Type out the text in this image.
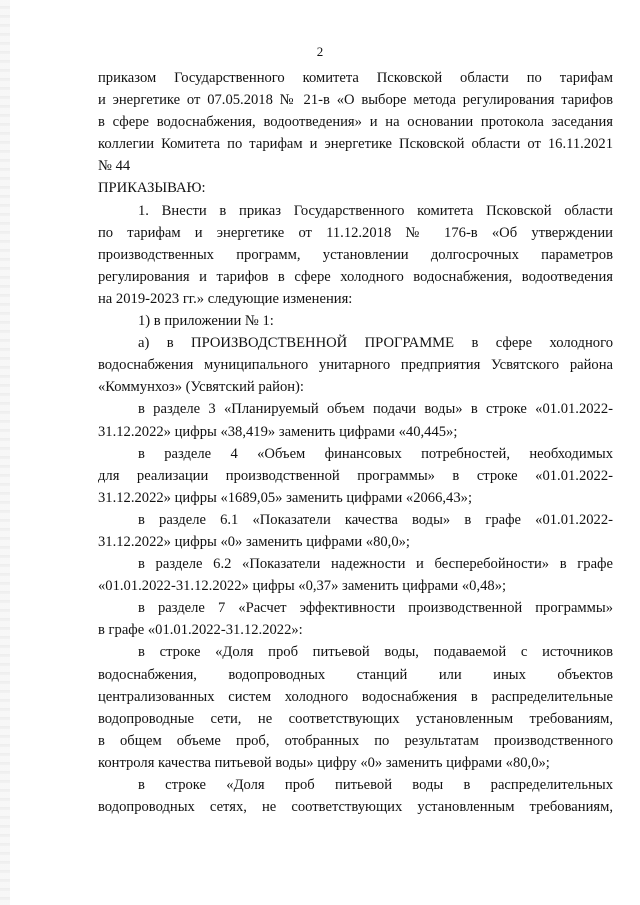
2
приказом Государственного комитета Псковской области по тарифам
и энергетике от 07.05.2018 № 21-в «О выборе метода регулирования тарифов
в сфере водоснабжения, водоотведения» и на основании протокола заседания
коллегии Комитета по тарифам и энергетике Псковской области от 16.11.2021
№ 44
ПРИКАЗЫВАЮ:
1. Внести в приказ Государственного комитета Псковской области
по тарифам и энергетике от 11.12.2018 № 176-в «Об утверждении
производственных программ, установлении долгосрочных параметров
регулирования и тарифов в сфере холодного водоснабжения, водоотведения
на 2019-2023 гг.» следующие изменения:
1) в приложении № 1:
а) в ПРОИЗВОДСТВЕННОЙ ПРОГРАММЕ в сфере холодного
водоснабжения муниципального унитарного предприятия Усвятского района
«Коммунхоз» (Усвятский район):
в разделе 3 «Планируемый объем подачи воды» в строке «01.01.2022-
31.12.2022» цифры «38,419» заменить цифрами «40,445»;
в разделе 4 «Объем финансовых потребностей, необходимых
для реализации производственной программы» в строке «01.01.2022-
31.12.2022» цифры «1689,05» заменить цифрами «2066,43»;
в разделе 6.1 «Показатели качества воды» в графе «01.01.2022-
31.12.2022» цифры «0» заменить цифрами «80,0»;
в разделе 6.2 «Показатели надежности и бесперебойности» в графе
«01.01.2022-31.12.2022» цифры «0,37» заменить цифрами «0,48»;
в разделе 7 «Расчет эффективности производственной программы»
в графе «01.01.2022-31.12.2022»:
в строке «Доля проб питьевой воды, подаваемой с источников
водоснабжения, водопроводных станций или иных объектов
централизованных систем холодного водоснабжения в распределительные
водопроводные сети, не соответствующих установленным требованиям,
в общем объеме проб, отобранных по результатам производственного
контроля качества питьевой воды» цифру «0» заменить цифрами «80,0»;
в строке «Доля проб питьевой воды в распределительных
водопроводных сетях, не соответствующих установленным требованиям,
